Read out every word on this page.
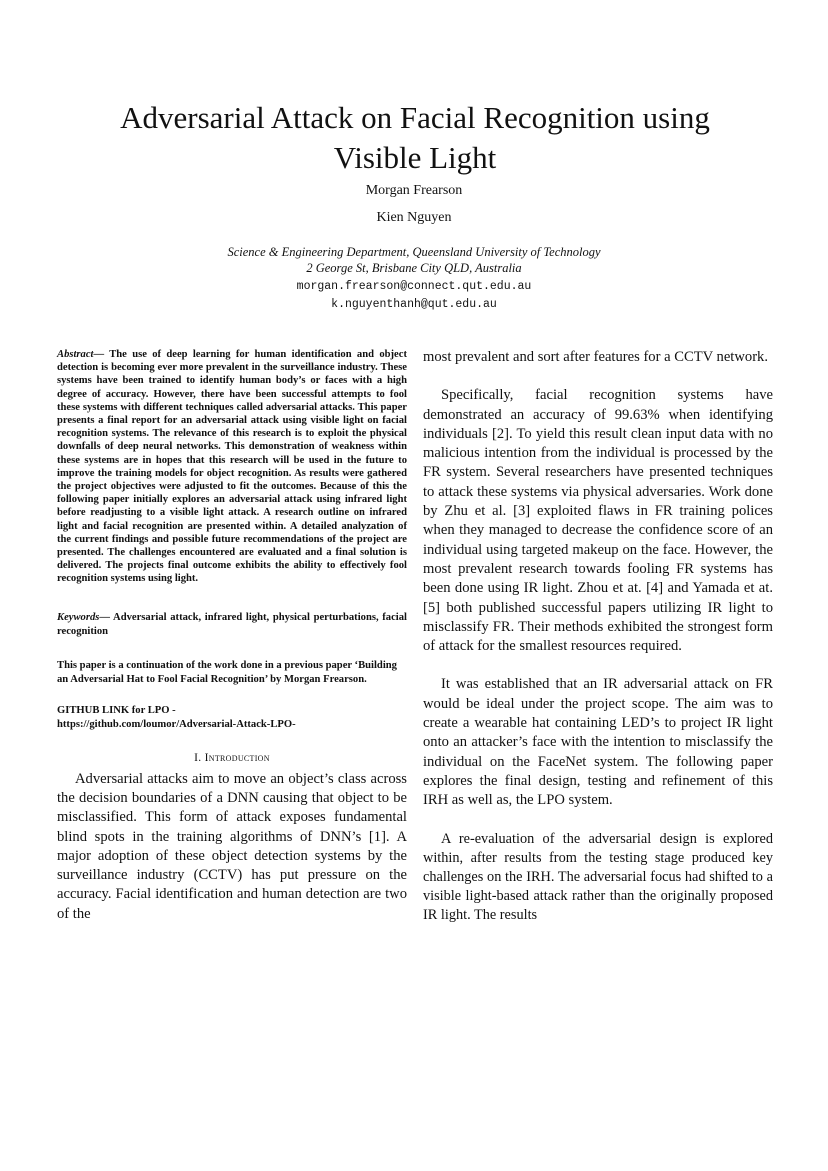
Adversarial Attack on Facial Recognition using
Visible Light
Morgan Frearson
Kien Nguyen
Science & Engineering Department, Queensland University of Technology
2 George St, Brisbane City QLD, Australia
morgan.frearson@connect.qut.edu.au
k.nguyenthanh@qut.edu.au

Abstract— The use of deep learning for human identification and object detection is becoming ever more prevalent in the surveillance industry. These systems have been trained to identify human body’s or faces with a high degree of accuracy. However, there have been successful attempts to fool these systems with different techniques called adversarial attacks. This paper presents a final report for an adversarial attack using visible light on facial recognition systems. The relevance of this research is to exploit the physical downfalls of deep neural networks. This demonstration of weakness within these systems are in hopes that this research will be used in the future to improve the training models for object recognition. As results were gathered the project objectives were adjusted to fit the outcomes. Because of this the following paper initially explores an adversarial attack using infrared light before readjusting to a visible light attack. A research outline on infrared light and facial recognition are presented within. A detailed analyzation of the current findings and possible future recommendations of the project are presented. The challenges encountered are evaluated and a final solution is delivered. The projects final outcome exhibits the ability to effectively fool recognition systems using light.

Keywords— Adversarial attack, infrared light, physical perturbations, facial recognition

This paper is a continuation of the work done in a previous paper ‘Building an Adversarial Hat to Fool Facial Recognition’ by Morgan Frearson.

GITHUB LINK for LPO -
https://github.com/loumor/Adversarial-Attack-LPO-

I. Introduction

Adversarial attacks aim to move an object’s class across the decision boundaries of a DNN causing that object to be misclassified. This form of attack exposes fundamental blind spots in the training algorithms of DNN’s [1]. A major adoption of these object detection systems by the surveillance industry (CCTV) has put pressure on the accuracy. Facial identification and human detection are two of the

most prevalent and sort after features for a CCTV network.

Specifically, facial recognition systems have demonstrated an accuracy of 99.63% when identifying individuals [2]. To yield this result clean input data with no malicious intention from the individual is processed by the FR system. Several researchers have presented techniques to attack these systems via physical adversaries. Work done by Zhu et al. [3] exploited flaws in FR training polices when they managed to decrease the confidence score of an individual using targeted makeup on the face. However, the most prevalent research towards fooling FR systems has been done using IR light. Zhou et at. [4] and Yamada et at. [5] both published successful papers utilizing IR light to misclassify FR. Their methods exhibited the strongest form of attack for the smallest resources required.

It was established that an IR adversarial attack on FR would be ideal under the project scope. The aim was to create a wearable hat containing LED’s to project IR light onto an attacker’s face with the intention to misclassify the individual on the FaceNet system. The following paper explores the final design, testing and refinement of this IRH as well as, the LPO system.

A re-evaluation of the adversarial design is explored within, after results from the testing stage produced key challenges on the IRH. The adversarial focus had shifted to a visible light-based attack rather than the originally proposed IR light. The results
